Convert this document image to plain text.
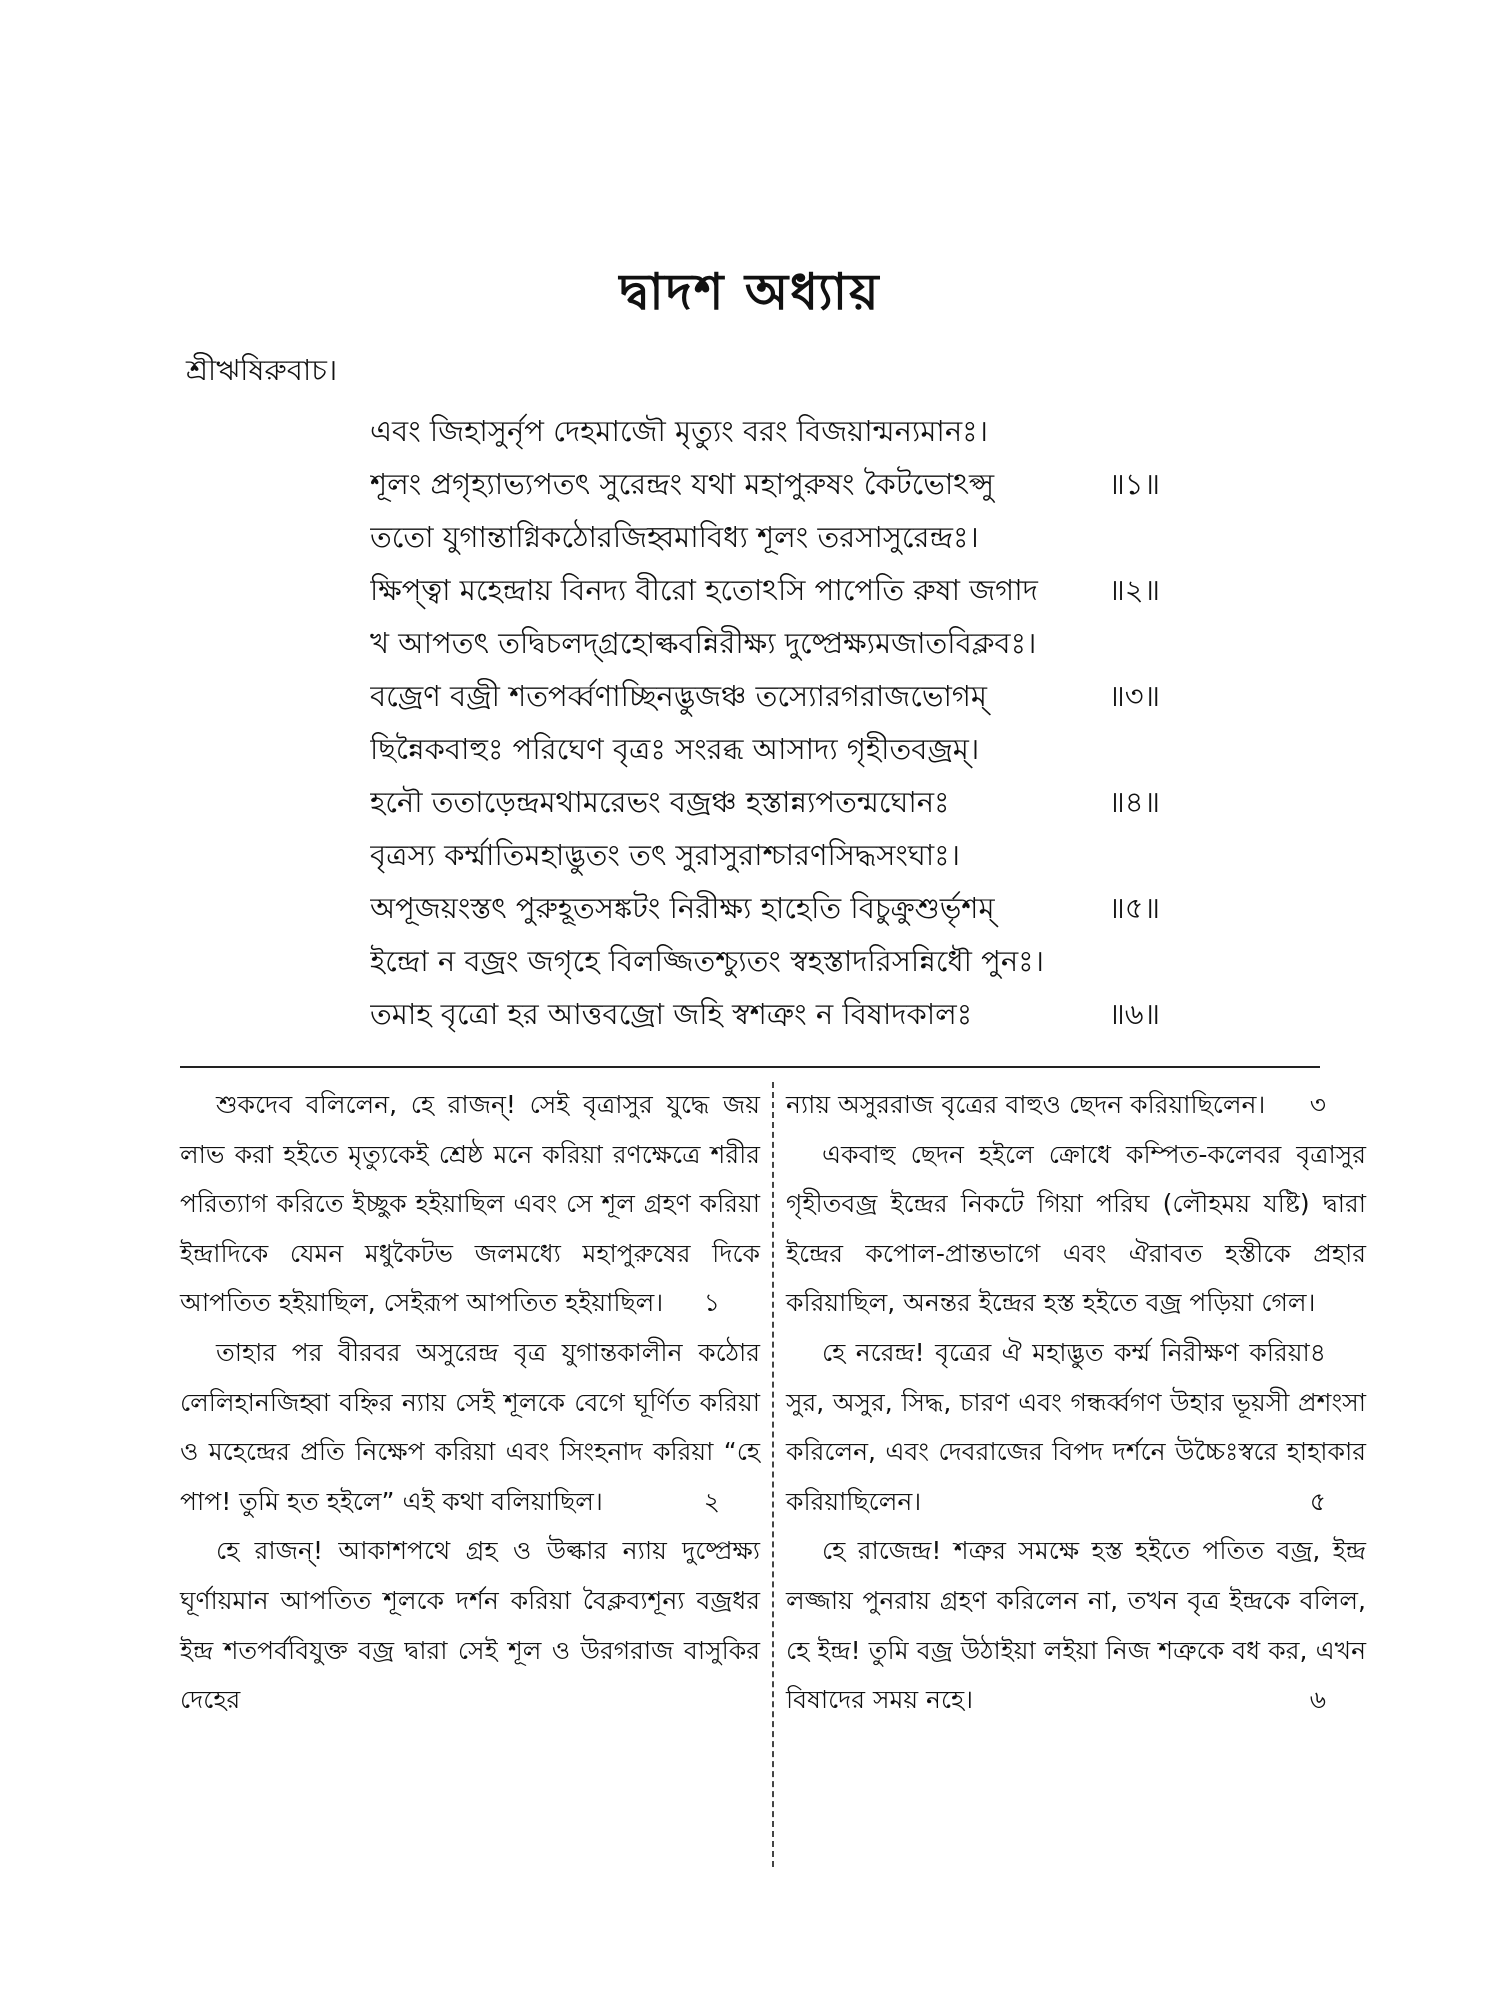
দ্বাদশ অধ্যায়
শ্রীঋষিরুবাচ।
এবং জিহাসুর্নৃপ দেহমাজৌ মৃত্যুং বরং বিজয়ান্মন্যমানঃ।
শূলং প্রগৃহ্যাভ্যপতৎ সুরেন্দ্রং যথা মহাপুরুষং কৈটভোঽপ্সু	॥১॥
ততো যুগান্তাগ্নিকঠোরজিহ্বমাবিধ্য শূলং তরসাসুরেন্দ্রঃ।
ক্ষিপ্ত্বা মহেন্দ্রায় বিনদ্য বীরো হতোঽসি পাপেতি রুষা জগাদ ॥২॥
খ আপতৎ তদ্বিচলদ্গ্রহোল্কবন্নিরীক্ষ্য দুষ্প্রেক্ষ্যমজাতবিক্লবঃ।
বজ্রেণ বজ্রী শতপর্ব্বণাচ্ছিনদ্ভুজঞ্চ তস্যোরগরাজভোগম্	॥৩॥
ছিন্নৈকবাহুঃ পরিঘেণ বৃত্রঃ সংরব্ধ আসাদ্য গৃহীতবজ্রম্।
হনৌ ততাড়েন্দ্রমথামরেভং বজ্রঞ্চ হস্তান্ন্যপতন্মঘোনঃ	॥৪॥
বৃত্রস্য কর্ম্মাতিমহাদ্ভুতং তৎ সুরাসুরাশ্চারণসিদ্ধসংঘাঃ।
অপূজয়ংস্তৎ পুরুহূতসঙ্কটং নিরীক্ষ্য হাহেতি বিচুক্রুশুর্ভৃশম্	॥৫॥
ইন্দ্রো ন বজ্রং জগৃহে বিলজ্জিতশ্চ্যুতং স্বহস্তাদরিসন্নিধৌ পুনঃ।
তমাহ বৃত্রো হর আত্তবজ্রো জহি স্বশত্রুং ন বিষাদকালঃ	॥৬॥

শুকদেব বলিলেন, হে রাজন্! সেই বৃত্রাসুর যুদ্ধে জয় লাভ করা হইতে মৃত্যুকেই শ্রেষ্ঠ মনে করিয়া রণক্ষেত্রে শরীর পরিত্যাগ করিতে ইচ্ছুক হইয়াছিল এবং সে শূল গ্রহণ করিয়া ইন্দ্রাদিকে যেমন মধুকৈটভ জলমধ্যে মহাপুরুষের দিকে আপতিত হইয়াছিল, সেইরূপ আপতিত হইয়াছিল। ১

তাহার পর বীরবর অসুরেন্দ্র বৃত্র যুগান্তকালীন কঠোর লেলিহানজিহ্বা বহ্নির ন্যায় সেই শূলকে বেগে ঘূর্ণিত করিয়া ও মহেন্দ্রের প্রতি নিক্ষেপ করিয়া এবং সিংহনাদ করিয়া “হে পাপ! তুমি হত হইলে” এই কথা বলিয়াছিল।	২

হে রাজন্! আকাশপথে গ্রহ ও উল্কার ন্যায় দুষ্প্রেক্ষ্য ঘূর্ণায়মান আপতিত শূলকে দর্শন করিয়া বৈক্লব্যশূন্য বজ্রধর ইন্দ্র শতপর্ববিযুক্ত বজ্র দ্বারা সেই শূল ও উরগরাজ বাসুকির দেহের

ন্যায় অসুররাজ বৃত্রের বাহুও ছেদন করিয়াছিলেন। ৩

একবাহু ছেদন হইলে ক্রোধে কম্পিত-কলেবর বৃত্রাসুর গৃহীতবজ্র ইন্দ্রের নিকটে গিয়া পরিঘ (লৌহময় যষ্টি) দ্বারা ইন্দ্রের কপোল-প্রান্তভাগে এবং ঐরাবত হস্তীকে প্রহার করিয়াছিল, অনন্তর ইন্দ্রের হস্ত হইতে বজ্র পড়িয়া গেল।
৪

হে নরেন্দ্র! বৃত্রের ঐ মহাদ্ভুত কর্ম্ম নিরীক্ষণ করিয়া সুর, অসুর, সিদ্ধ, চারণ এবং গন্ধর্ব্বগণ উহার ভূয়সী প্রশংসা করিলেন, এবং দেবরাজের বিপদ দর্শনে উচ্চৈঃস্বরে হাহাকার করিয়াছিলেন।	৫

হে রাজেন্দ্র! শত্রুর সমক্ষে হস্ত হইতে পতিত বজ্র, ইন্দ্র লজ্জায় পুনরায় গ্রহণ করিলেন না, তখন বৃত্র ইন্দ্রকে বলিল, হে ইন্দ্র! তুমি বজ্র উঠাইয়া লইয়া নিজ শত্রুকে বধ কর, এখন বিষাদের সময় নহে।	৬
